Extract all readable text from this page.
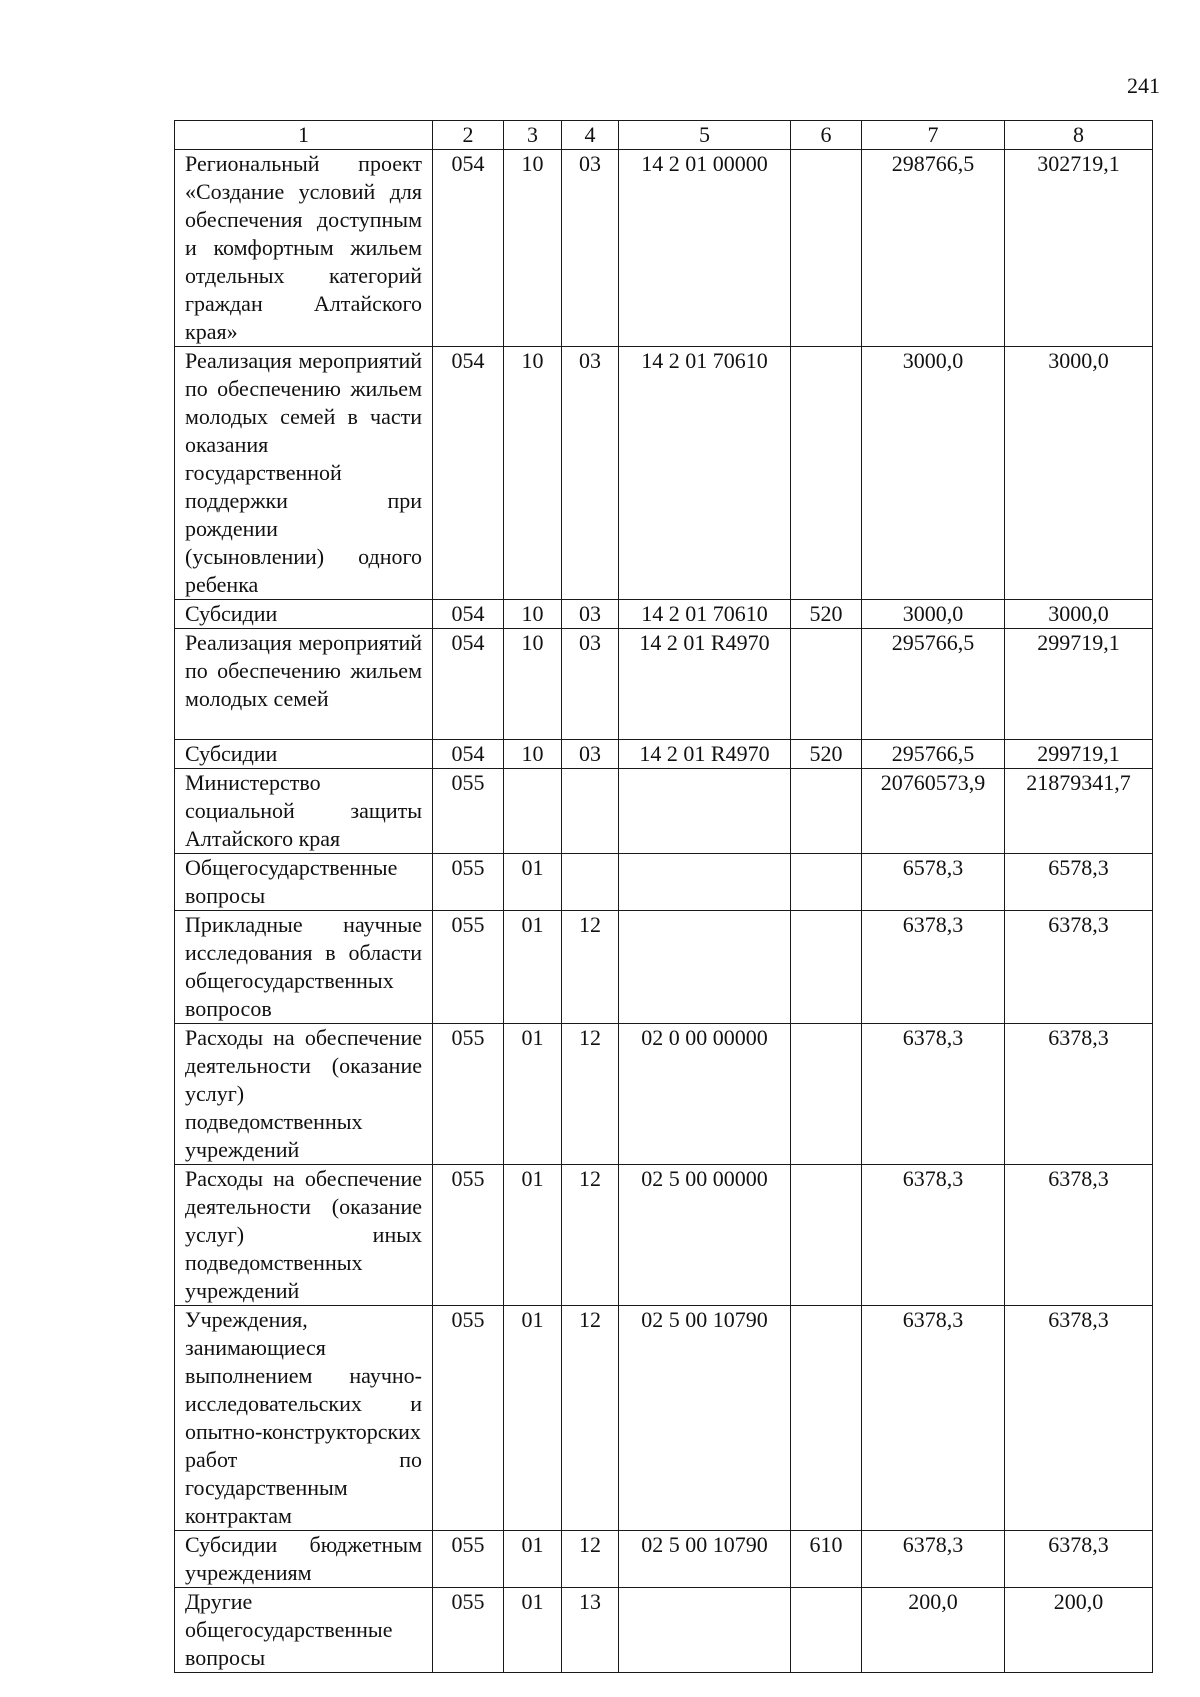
241
1	2	3	4	5	6	7	8
Региональный проект «Создание условий для обеспечения доступным и комфортным жильем отдельных категорий граждан Алтайского края»	054	10	03	14 2 01 00000		298766,5	302719,1
Реализация мероприятий по обеспечению жильем молодых семей в части оказания государственной поддержки при рождении (усыновлении) одного ребенка	054	10	03	14 2 01 70610		3000,0	3000,0
Субсидии	054	10	03	14 2 01 70610	520	3000,0	3000,0
Реализация мероприятий по обеспечению жильем молодых семей	054	10	03	14 2 01 R4970		295766,5	299719,1
Субсидии	054	10	03	14 2 01 R4970	520	295766,5	299719,1
Министерство социальной защиты Алтайского края	055					20760573,9	21879341,7
Общегосударственные вопросы	055	01				6578,3	6578,3
Прикладные научные исследования в области общегосударственных вопросов	055	01	12			6378,3	6378,3
Расходы на обеспечение деятельности (оказание услуг) подведомственных учреждений	055	01	12	02 0 00 00000		6378,3	6378,3
Расходы на обеспечение деятельности (оказание услуг) иных подведомственных учреждений	055	01	12	02 5 00 00000		6378,3	6378,3
Учреждения, занимающиеся выполнением научно-исследовательских и опытно-конструкторских работ по государственным контрактам	055	01	12	02 5 00 10790		6378,3	6378,3
Субсидии бюджетным учреждениям	055	01	12	02 5 00 10790	610	6378,3	6378,3
Другие общегосударственные вопросы	055	01	13			200,0	200,0
